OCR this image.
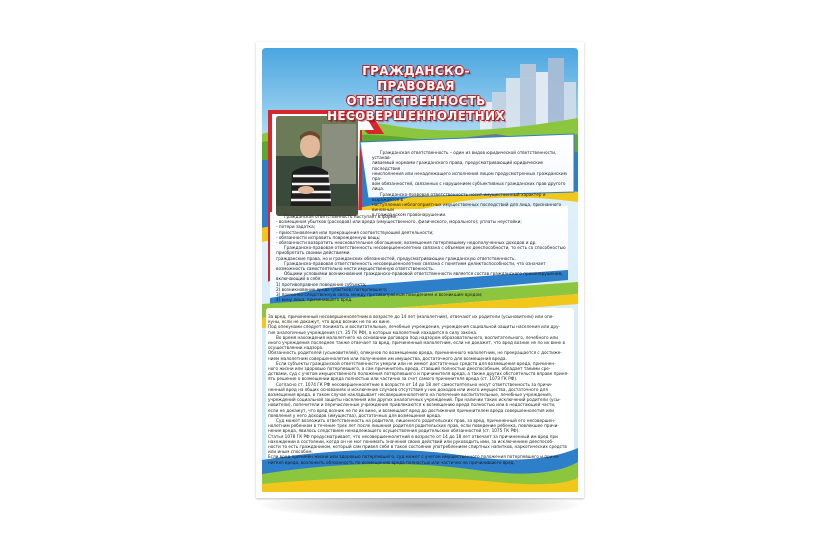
ГРАЖДАНСКО-ПРАВОВАЯ
ОТВЕТСТВЕННОСТЬ
НЕСОВЕРШЕННОЛЕТНИХ

Гражданская ответственность – один из видов юридической ответственности, устанав-

ливаемый нормами гражданского права, предусматривающий юридические последствия

неисполнения или ненадлежащего исполнения лицом предусмотренных гражданским пра-

вом обязанностей, связанных с нарушением субъективных гражданских прав другого лица.

Гражданско-правовая ответственность носит имущественный характер и выражается в

наступлении неблагоприятных имущественных последствий для лица, признанного виновным

в гражданском правонарушении.

Гражданская ответственность наступает в форме:

- возмещения убытков (расходов) или вреда (имущественного, физического, морального); уплаты неустойки;

- потери задатка;

- приостановления или прекращения соответствующей деятельности;

- обязанности исправить поврежденную вещь;

- обязанности возвратить неосновательное обогащение; возмещения потерпевшему недополученных доходов и др.

Гражданско-правовая ответственность несовершеннолетних связана с объемом их дееспособности, то есть со способностью приобретать своими действиями

гражданские права, но и гражданских обязанностей, предусматривающих гражданскую ответственность.

Гражданско-правовая ответственность несовершеннолетних связана с понятием деликтоспособности, что означает

возможность самостоятельно нести имущественную ответственность.

Общими условиями возникновения гражданско-правовой ответственности является состав гражданского правонарушения,

включающий в себя:

1) противоправное поведение субъекта;

2) возникновение вреда (убытков) потерпевшего;

3) причинно-следственную связь между противоправным поведением и возникшим вредом;

4) вину лица, причинившего вред.

За вред, причиненный несовершеннолетним в возрасте до 14 лет (малолетним), отвечают их родители (усыновители) или опе-

куны, если не докажут, что вред возник не по их вине.

Под опекунами следует понимать и воспитательные, лечебные учреждения, учреждения социальной защиты населения или дру-

гие аналогичные учреждения (ст. 35 ГК РФ), в которых малолетний находится в силу закона.

Во время нахождения малолетнего на основании договора под надзором образовательного, воспитательного, лечебного или

иного учреждения последнее также отвечает за вред, причиненный малолетним, если не докажет, что вред возник не по их вине в

осуществлении надзора.

Обязанность родителей (усыновителей), опекунов по возмещению вреда, причиненного малолетним, не прекращается с достиже-

нием малолетним совершеннолетия или получением им имущества, достаточного для возмещения вреда.

Если субъекты гражданской ответственности умерли или не имеют достаточных средств для возмещения вреда, причинен-

ного жизни или здоровью потерпевшего, а сам причинитель вреда, ставший полностью дееспособным, обладает такими сре-

дствами, суд с учетом имущественного положения потерпевшего и причинителя вреда, а также других обстоятельств вправе приня-

ять решение о возмещении вреда полностью или частично за счет самого причинителя вреда (ст. 1073 ГК РФ).

Согласно ст. 1074 ГК РФ несовершеннолетние в возрасте от 14 до 18 лет самостоятельно несут ответственность за причи-

ненный вред на общих основаниях и исключение случаев отсутствия у них доходов или иного имущества, достаточного для

возмещения вреда, в таком случае накладывает несовершеннолетнего на попечение воспитательные, лечебные учреждения,

учреждений социальной защиты населения или других аналогичных учреждений. При наличии таких исключений родители (усы-

новители), попечители и перечисленные учреждения привлекаются к возмещению вреда полностью или в недостающей части,

если не докажут, что вред возник не по их вине, и возмещают вред до достижения причинителем вреда совершеннолетия или

появления у него доходов (имущества), достаточных для возмещения вреда.

Суд может возложить ответственность на родителя, лишенного родительских прав, за вред, причиненный его несовершен-

нолетним ребенком в течение трех лет после лишения родителя родительских прав, если поведение ребенка, повлекшее причи-

нение вреда, явилось следствием ненадлежащего осуществления родительских обязанностей (ст. 1075 ГК РФ).

Статья 1078 ГК РФ предусматривает, что несовершеннолетний в возрасте от 14 до 18 лет отвечает за причиненный им вред при

нахождении в состоянии, когда он не мог понимать значения своих действий или руководить ими, за исключением дееспособ-

ности то есть гражданином, который сам привел себя в такое состояние употреблением спиртных напитков, наркотических средств или иным способом.

Если вред причинен жизни или здоровью потерпевшего, суд может с учетом имущественного положения потерпевшего и причи-

нителя вреда, возложить обязанность по возмещению вреда полностью или частично на причинившего вред.
